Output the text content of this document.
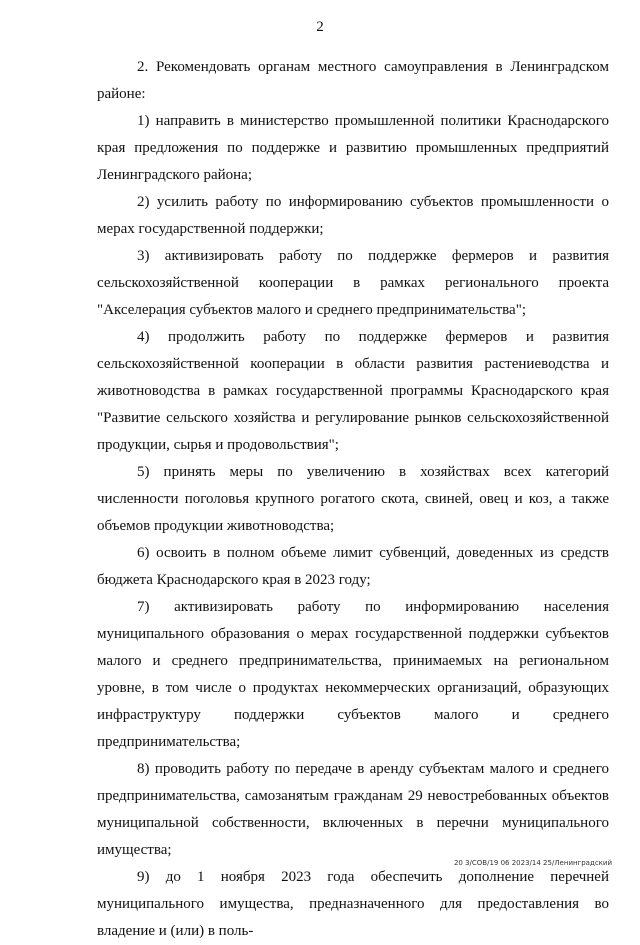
2

2. Рекомендовать органам местного самоуправления в Ленинградском районе:

1) направить в министерство промышленной политики Краснодарского края предложения по поддержке и развитию промышленных предприятий Ленинградского района;

2) усилить работу по информированию субъектов промышленности о мерах государственной поддержки;

3) активизировать работу по поддержке фермеров и развития сельскохозяйственной кооперации в рамках регионального проекта "Акселерация субъектов малого и среднего предпринимательства";

4) продолжить работу по поддержке фермеров и развития сельскохозяйственной кооперации в области развития растениеводства и животноводства в рамках государственной программы Краснодарского края "Развитие сельского хозяйства и регулирование рынков сельскохозяйственной продукции, сырья и продовольствия";

5) принять меры по увеличению в хозяйствах всех категорий численности поголовья крупного рогатого скота, свиней, овец и коз, а также объемов продукции животноводства;

6) освоить в полном объеме лимит субвенций, доведенных из средств бюджета Краснодарского края в 2023 году;

7) активизировать работу по информированию населения муниципального образования о мерах государственной поддержки субъектов малого и среднего предпринимательства, принимаемых на региональном уровне, в том числе о продуктах некоммерческих организаций, образующих инфраструктуру поддержки субъектов малого и среднего предпринимательства;

8) проводить работу по передаче в аренду субъектам малого и среднего предпринимательства, самозанятым гражданам 29 невостребованных объектов муниципальной собственности, включенных в перечни муниципального имущества;

9) до 1 ноября 2023 года обеспечить дополнение перечней муниципального имущества, предназначенного для предоставления во владение и (или) в поль-

20 3/СОВ/19 06 2023/14 25/Ленинградский
